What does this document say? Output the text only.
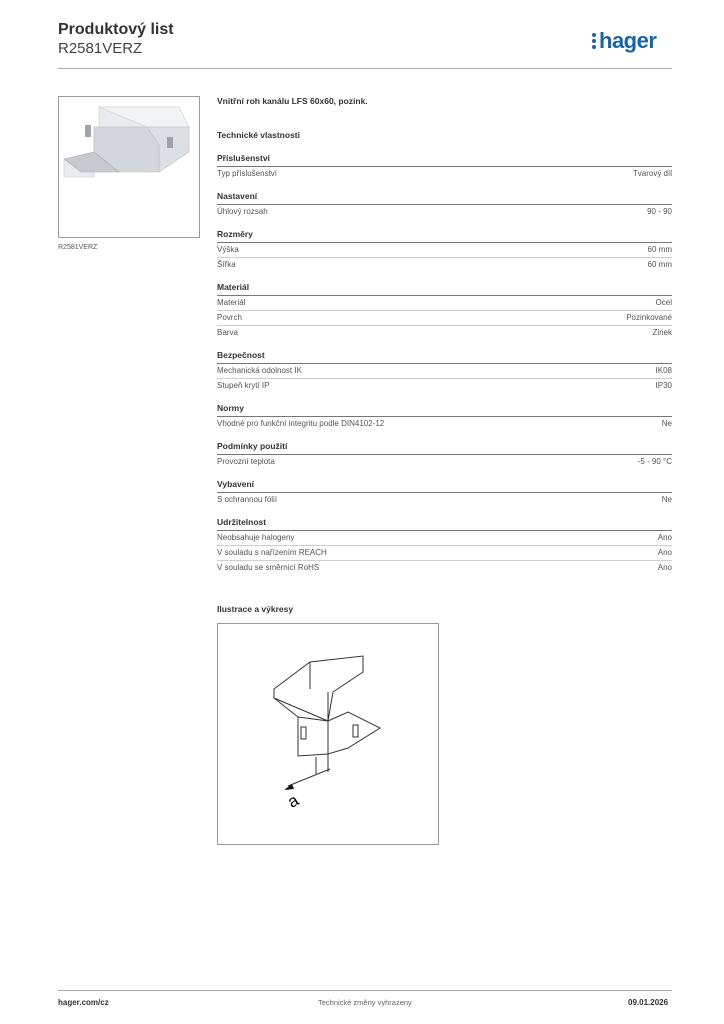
Produktový list
R2581VERZ	hager
R2581VERZ
Vnitřní roh kanálu LFS 60x60, pozink.
Technické vlastnosti
Příslušenství
Typ příslušenství	Tvarový díl
Nastavení
Úhlový rozsah	90 - 90
Rozměry
Výška	60 mm
Šířka	60 mm
Materiál
Materiál	Ocel
Povrch	Pozinkované
Barva	Zinek
Bezpečnost
Mechanická odolnost IK	IK08
Stupeň krytí IP	IP30
Normy
Vhodné pro funkční integritu podle DIN4102-12	Ne
Podmínky použití
Provozní teplota	-5 - 90 °C
Vybavení
S ochrannou fólií	Ne
Udržitelnost
Neobsahuje halogeny	Ano
V souladu s nařízením REACH	Ano
V souladu se směrnicí RoHS	Ano
Ilustrace a výkresy
a
hager.com/cz	Technické změny vyhrazeny	09.01.2026
